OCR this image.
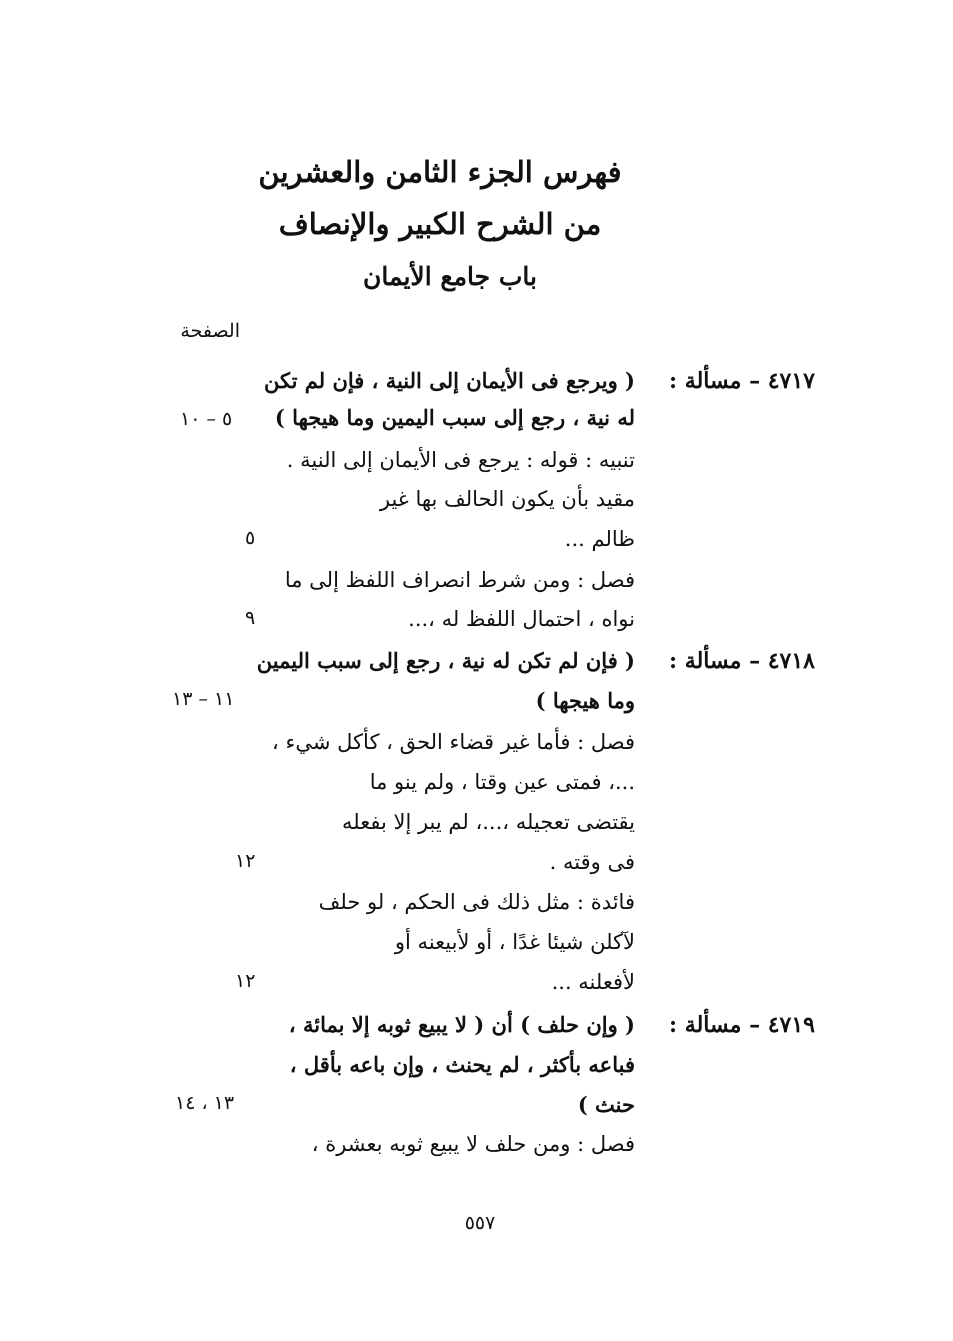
فهرس الجزء الثامن والعشرين
من الشرح الكبير والإنصاف
باب جامع الأيمان
الصفحة
٤٧١٧ – مسألة :
( ويرجع فى الأيمان إلى النية ، فإن لم تكن
له نية ، رجع إلى سبب اليمين وما هيجها )
٥ – ١٠
تنبيه : قوله : يرجع فى الأيمان إلى النية .
مقيد بأن يكون الحالف بها غير
ظالم ...
٥
فصل : ومن شرط انصراف اللفظ إلى ما
نواه ، احتمال اللفظ له ،...
٩
٤٧١٨ – مسألة :
( فإن لم تكن له نية ، رجع إلى سبب اليمين
وما هيجها )
١١ – ١٣
فصل : فأما غير قضاء الحق ، كأكل شيء ،
...، فمتى عين وقتا ، ولم ينو ما
يقتضى تعجيله ،...، لم يبر إلا بفعله
فى وقته .
١٢
فائدة : مثل ذلك فى الحكم ، لو حلف
لآكلن شيئا غدًا ، أو لأبيعنه أو
لأفعلنه ...
١٢
٤٧١٩ – مسألة :
( وإن حلف ) أن ( لا يبيع ثوبه إلا بمائة ،
فباعه بأكثر ، لم يحنث ، وإن باعه بأقل ،
حنث )
١٣ ، ١٤
فصل : ومن حلف لا يبيع ثوبه بعشرة ،
٥٥٧
